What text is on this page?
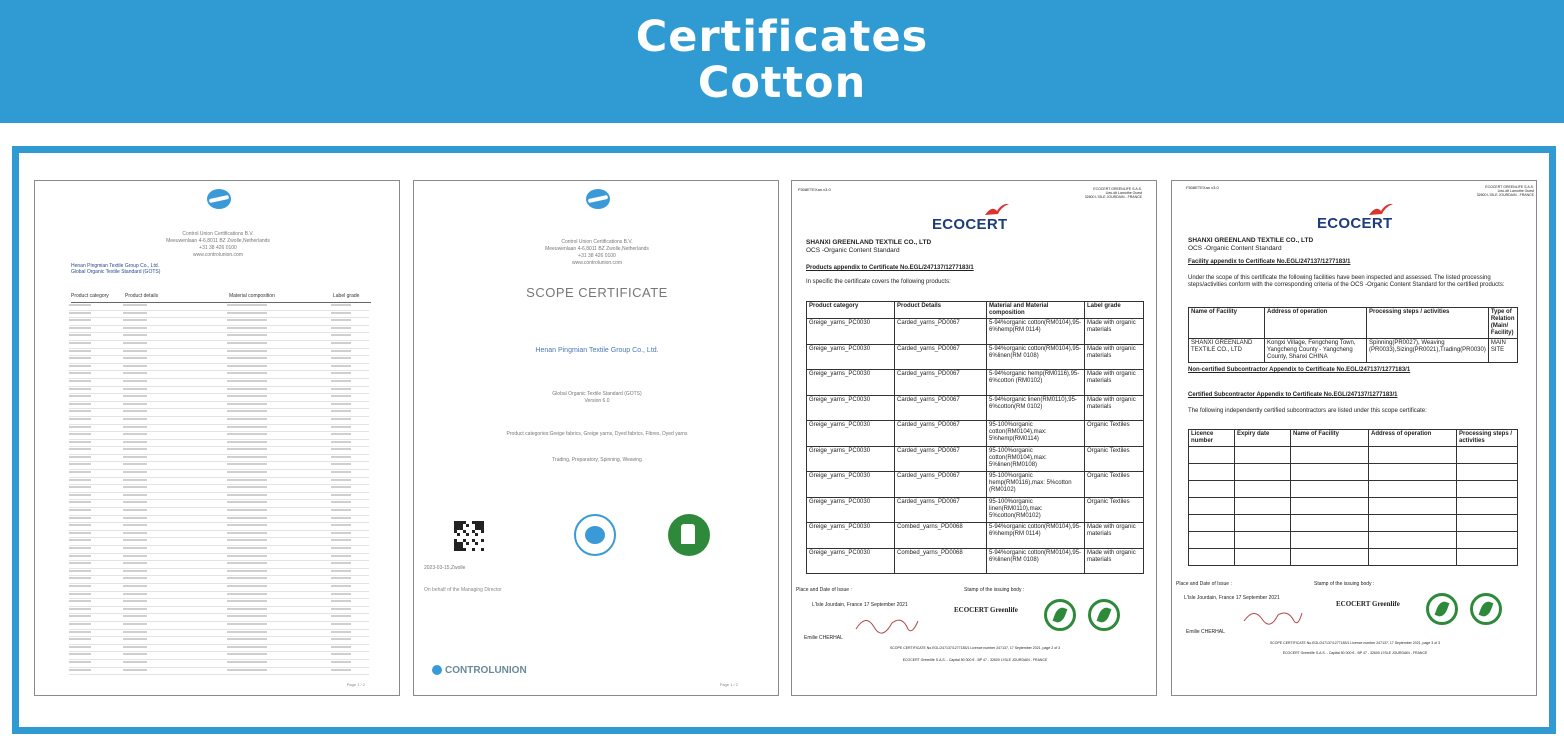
Certificates
Cotton
Control Union Certifications B.V.
Meeuwenlaan 4-6,8011 BZ Zwolle,Netherlands
+31 38 426 0100
www.controlunion.com
Henan Pingmian Textile Group Co., Ltd.
Global Organic Textile Standard (GOTS)
Product category	Product details	Material composition	Label grade
Page 1 / 2
Control Union Certifications B.V.
Meeuwenlaan 4-6,8011 BZ Zwolle,Netherlands
+31 38 426 0100
www.controlunion.com
SCOPE CERTIFICATE
Henan Pingmian Textile Group Co., Ltd.
Global Organic Textile Standard (GOTS)
Version 6.0
Product categories:Greige fabrics, Greige yarns, Dyed fabrics, Fibres, Dyed yarns
Trading, Preparatory, Spinning, Weaving
2023-03-15,Zwolle
On behalf of the Managing Director
CONTROLUNION
Page 1 / 2
F508ETEXan v3.0	ECOCERT GREENLIFE S.A.S.
Lieu-dit Lamothe Ouest
32600 L'ISLE JOURDAIN - FRANCE
ECOCERT
SHANXI GREENLAND TEXTILE CO., LTD
OCS -Organic Content Standard
Products appendix to Certificate No.EGL/247137/1277183/1
In specific the certificate covers the following products:
Product category	Product Details	Material and Material composition	Label grade
Greige_yarns_PC0030	Carded_yarns_PD0067	5-94%organic cotton(RM0104),95-6%hemp(RM 0114)	Made with organic materials
Greige_yarns_PC0030	Carded_yarns_PD0067	5-94%organic cotton(RM0104),95-6%linen(RM 0108)	Made with organic materials
Greige_yarns_PC0030	Carded_yarns_PD0067	5-94%organic hemp(RM0116),95-6%cotton (RM0102)	Made with organic materials
Greige_yarns_PC0030	Carded_yarns_PD0067	5-94%organic linen(RM0110),95-6%cotton(RM 0102)	Made with organic materials
Greige_yarns_PC0030	Carded_yarns_PD0067	95-100%organic cotton(RM0104),max: 5%hemp(RM0114)	Organic Textiles
Greige_yarns_PC0030	Carded_yarns_PD0067	95-100%organic cotton(RM0104),max: 5%linen(RM0108)	Organic Textiles
Greige_yarns_PC0030	Carded_yarns_PD0067	95-100%organic hemp(RM0116),max: 5%cotton (RM0102)	Organic Textiles
Greige_yarns_PC0030	Carded_yarns_PD0067	95-100%organic linen(RM0110),max: 5%cotton(RM0102)	Organic Textiles
Greige_yarns_PC0030	Combed_yarns_PD0068	5-94%organic cotton(RM0104),95-6%hemp(RM 0114)	Made with organic materials
Greige_yarns_PC0030	Combed_yarns_PD0068	5-94%organic cotton(RM0104),95-6%linen(RM 0108)	Made with organic materials
Place and Date of Issue :	Stamp of the issuing body :
L'Isle Jourdain, France 17 September 2021
ECOCERT Greenlife
Emilie CHERHAL
SCOPE CERTIFICATE No.EGL/247137/1277183/1 Licence number 247137, 17 September 2021, page 2 of 3
ECOCERT Greenlife S.A.S. - Capital 50 000 € - BP 47 - 32600 L'ISLE JOURDAIN - FRANCE
F508ETEXan v3.0	ECOCERT GREENLIFE S.A.S.
Lieu-dit Lamothe Ouest
32600 L'ISLE JOURDAIN - FRANCE
ECOCERT
SHANXI GREENLAND TEXTILE CO., LTD
OCS -Organic Content Standard
Facility appendix to Certificate No.EGL/247137/1277183/1
Under the scope of this certificate the following facilities have been inspected and assessed. The listed processing steps/activities conform with the corresponding criteria of the OCS -Organic Content Standard for the certified products:
Name of Facility	Address of operation	Processing steps / activities	Type of Relation (Main/ Facility)
SHANXI GREENLAND TEXTILE CO., LTD	Kongxi Village, Fengcheng Town, Yangcheng County - Yangcheng County, Shanxi CHINA	Spinning(PR0027), Weaving (PR0033),Sizing(PR0021),Trading(PR0030)	MAIN SITE
Non-certified Subcontractor Appendix to Certificate No.EGL/247137/1277183/1
Certified Subcontractor Appendix to Certificate No.EGL/247137/1277183/1
The following independently certified subcontractors are listed under this scope certificate:
Licence number	Expiry date	Name of Facility	Address of operation	Processing steps / activities

Place and Date of Issue :	Stamp of the issuing body :
L'Isle Jourdain, France 17 September 2021
ECOCERT Greenlife
Emilie CHERHAL
SCOPE CERTIFICATE No.EGL/247137/1277183/1 Licence number 247137, 17 September 2021, page 3 of 3
ECOCERT Greenlife S.A.S. - Capital 50 000 € - BP 47 - 32600 L'ISLE JOURDAIN - FRANCE
